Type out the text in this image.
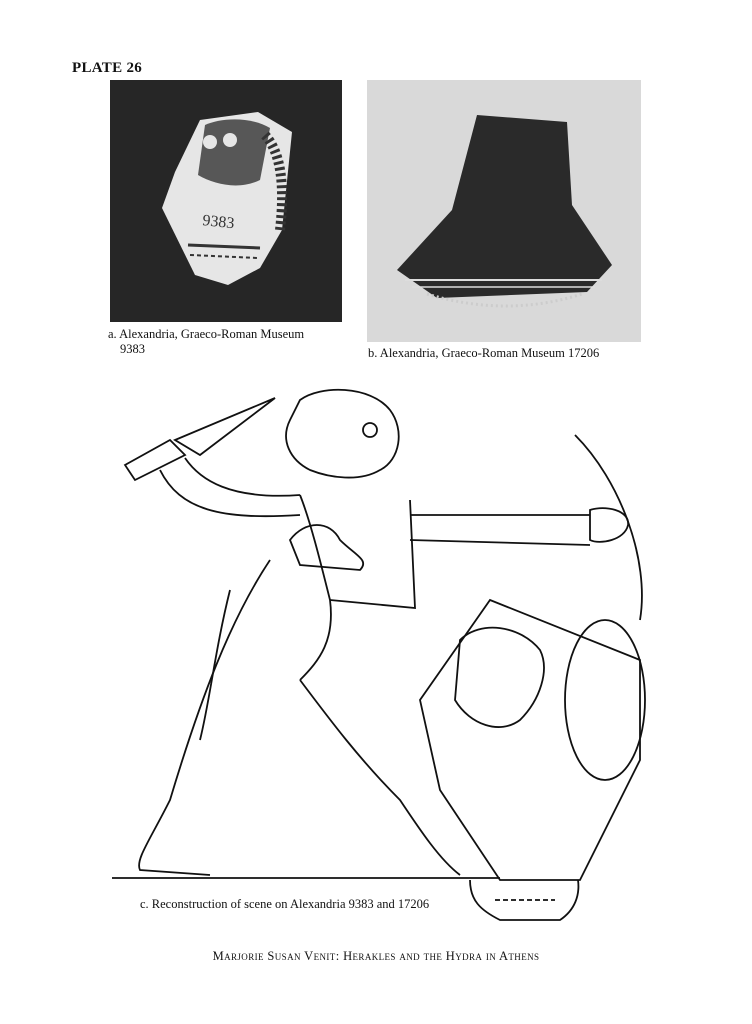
PLATE 26
9383
a. Alexandria, Graeco-Roman Museum
9383	b. Alexandria, Graeco-Roman Museum 17206
c. Reconstruction of scene on Alexandria 9383 and 17206
Marjorie Susan Venit: Herakles and the Hydra in Athens
